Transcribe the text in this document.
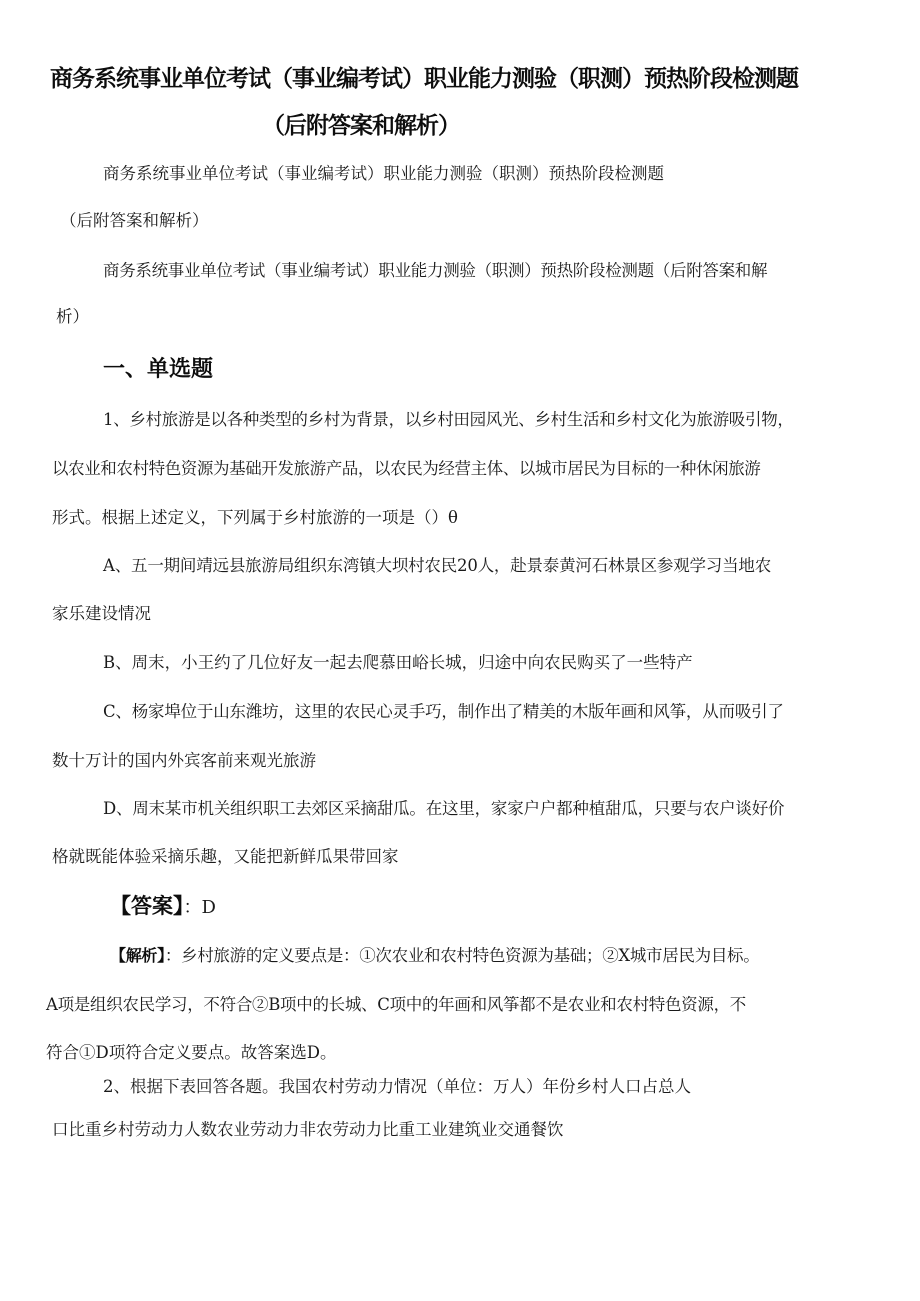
商务系统事业单位考试（事业编考试）职业能力测验（职测）预热阶段检测题

（后附答案和解析）

商务系统事业单位考试（事业编考试）职业能力测验（职测）预热阶段检测题

（后附答案和解析）

商务系统事业单位考试（事业编考试）职业能力测验（职测）预热阶段检测题（后附答案和解

析）

一、单选题

1、乡村旅游是以各种类型的乡村为背景，以乡村田园风光、乡村生活和乡村文化为旅游吸引物，

以农业和农村特色资源为基础开发旅游产品，以农民为经营主体、以城市居民为目标的一种休闲旅游

形式。根据上述定义，下列属于乡村旅游的一项是（）θ

A、五一期间靖远县旅游局组织东湾镇大坝村农民20人，赴景泰黄河石林景区参观学习当地农

家乐建设情况

B、周末，小王约了几位好友一起去爬慕田峪长城，归途中向农民购买了一些特产

C、杨家埠位于山东潍坊，这里的农民心灵手巧，制作出了精美的木版年画和风筝，从而吸引了

数十万计的国内外宾客前来观光旅游

D、周末某市机关组织职工去郊区采摘甜瓜。在这里，家家户户都种植甜瓜，只要与农户谈好价

格就既能体验采摘乐趣，又能把新鲜瓜果带回家

【答案】：D

【解析】：乡村旅游的定义要点是：①次农业和农村特色资源为基础；②X城市居民为目标。

A项是组织农民学习，不符合②B项中的长城、C项中的年画和风筝都不是农业和农村特色资源，不

符合①D项符合定义要点。故答案选D。

2、根据下表回答各题。我国农村劳动力情况（单位：万人）年份乡村人口占总人

口比重乡村劳动力人数农业劳动力非农劳动力比重工业建筑业交通餐饮
